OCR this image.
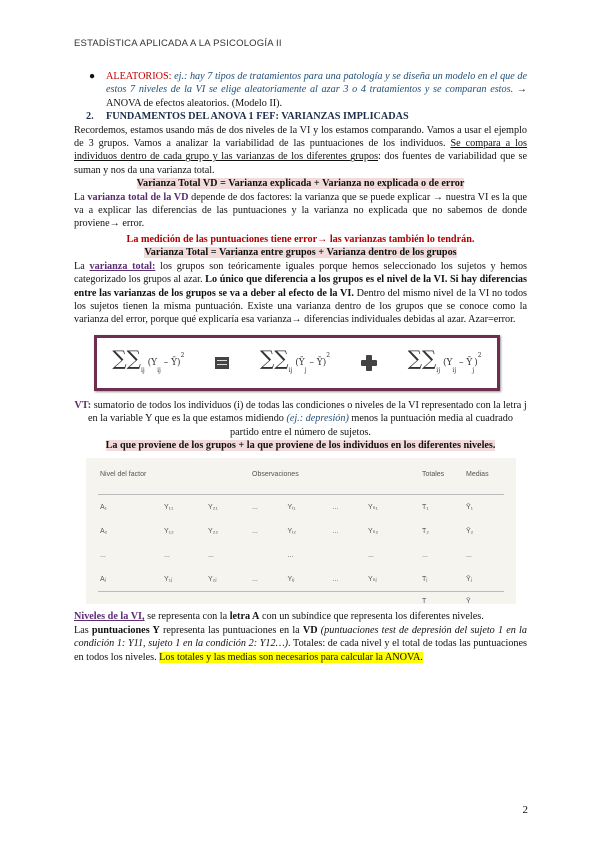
ESTADÍSTICA APLICADA A LA PSICOLOGÍA II

● ALEATORIOS: ej.: hay 7 tipos de tratamientos para una patología y se diseña un modelo en el que de estos 7 niveles de la VI se elige aleatoriamente al azar 3 o 4 tratamientos y se comparan estos. → ANOVA de efectos aleatorios. (Modelo II).

2. FUNDAMENTOS DEL ANOVA 1 FEF: VARIANZAS IMPLICADAS

Recordemos, estamos usando más de dos niveles de la VI y los estamos comparando. Vamos a usar el ejemplo de 3 grupos. Vamos a analizar la variabilidad de las puntuaciones de los individuos. Se compara a los individuos dentro de cada grupo y las varianzas de los diferentes grupos: dos fuentes de variabilidad que se suman y nos da una varianza total.

Varianza Total VD = Varianza explicada + Varianza no explicada o de error

La varianza total de la VD depende de dos factores: la varianza que se puede explicar → nuestra VI es la que va a explicar las diferencias de las puntuaciones y la varianza no explicada que no sabemos de donde proviene→ error.

La medición de las puntuaciones tiene error→ las varianzas también lo tendrán.

Varianza Total = Varianza entre grupos + Varianza dentro de los grupos

La varianza total: los grupos son teóricamente iguales porque hemos seleccionado los sujetos y hemos categorizado los grupos al azar. Lo único que diferencia a los grupos es el nivel de la VI. Si hay diferencias entre las varianzas de los grupos se va a deber al efecto de la VI. Dentro del mismo nivel de la VI no todos los sujetos tienen la misma puntuación. Existe una varianza dentro de los grupos que se conoce como la varianza del error, porque qué explicaría esa varianza→ diferencias individuales debidas al azar. Azar=error.

$\sum\sum_{ij}$ ($Y_{ij}$ – Ȳ)$^2$	$\sum\sum_{ij}$ ($Ȳ_j$ – Ȳ)$^2$	$\sum\sum_{ij}$ ($Y_{ij}$ – $Ȳ_j)^2$

VT: sumatorio de todos los individuos (i) de todas las condiciones o niveles de la VI representado con la letra j en la variable Y que es la que estamos midiendo (ej.: depresión) menos la puntuación media al cuadrado partido entre el número de sujetos.

La que proviene de los grupos + la que proviene de los individuos en los diferentes niveles.

Nivel del factor			Observaciones				Totales	Medias
A₁	Y₁₁	Y₂₁	...	Yᵢ₁	...	Yₙ₁	T₁	Ȳ₁
A₂	Y₁₂	Y₂₂	...	Yᵢ₂	...	Yₙ₂	T₂	Ȳ₂
...	...	...		...		...	...	...
Aⱼ	Y₁ⱼ	Y₂ⱼ	...	Yᵢⱼ	...	Yₙⱼ	Tⱼ	Ȳⱼ
							T	Ȳ

Niveles de la VI, se representa con la letra A con un subíndice que representa los diferentes niveles.

Las puntuaciones Y representa las puntuaciones en la VD (puntuaciones test de depresión del sujeto 1 en la condición 1: Y11, sujeto 1 en la condición 2: Y12…). Totales: de cada nivel y el total de todas las puntuaciones en todos los niveles. Los totales y las medias son necesarios para calcular la ANOVA.

2
